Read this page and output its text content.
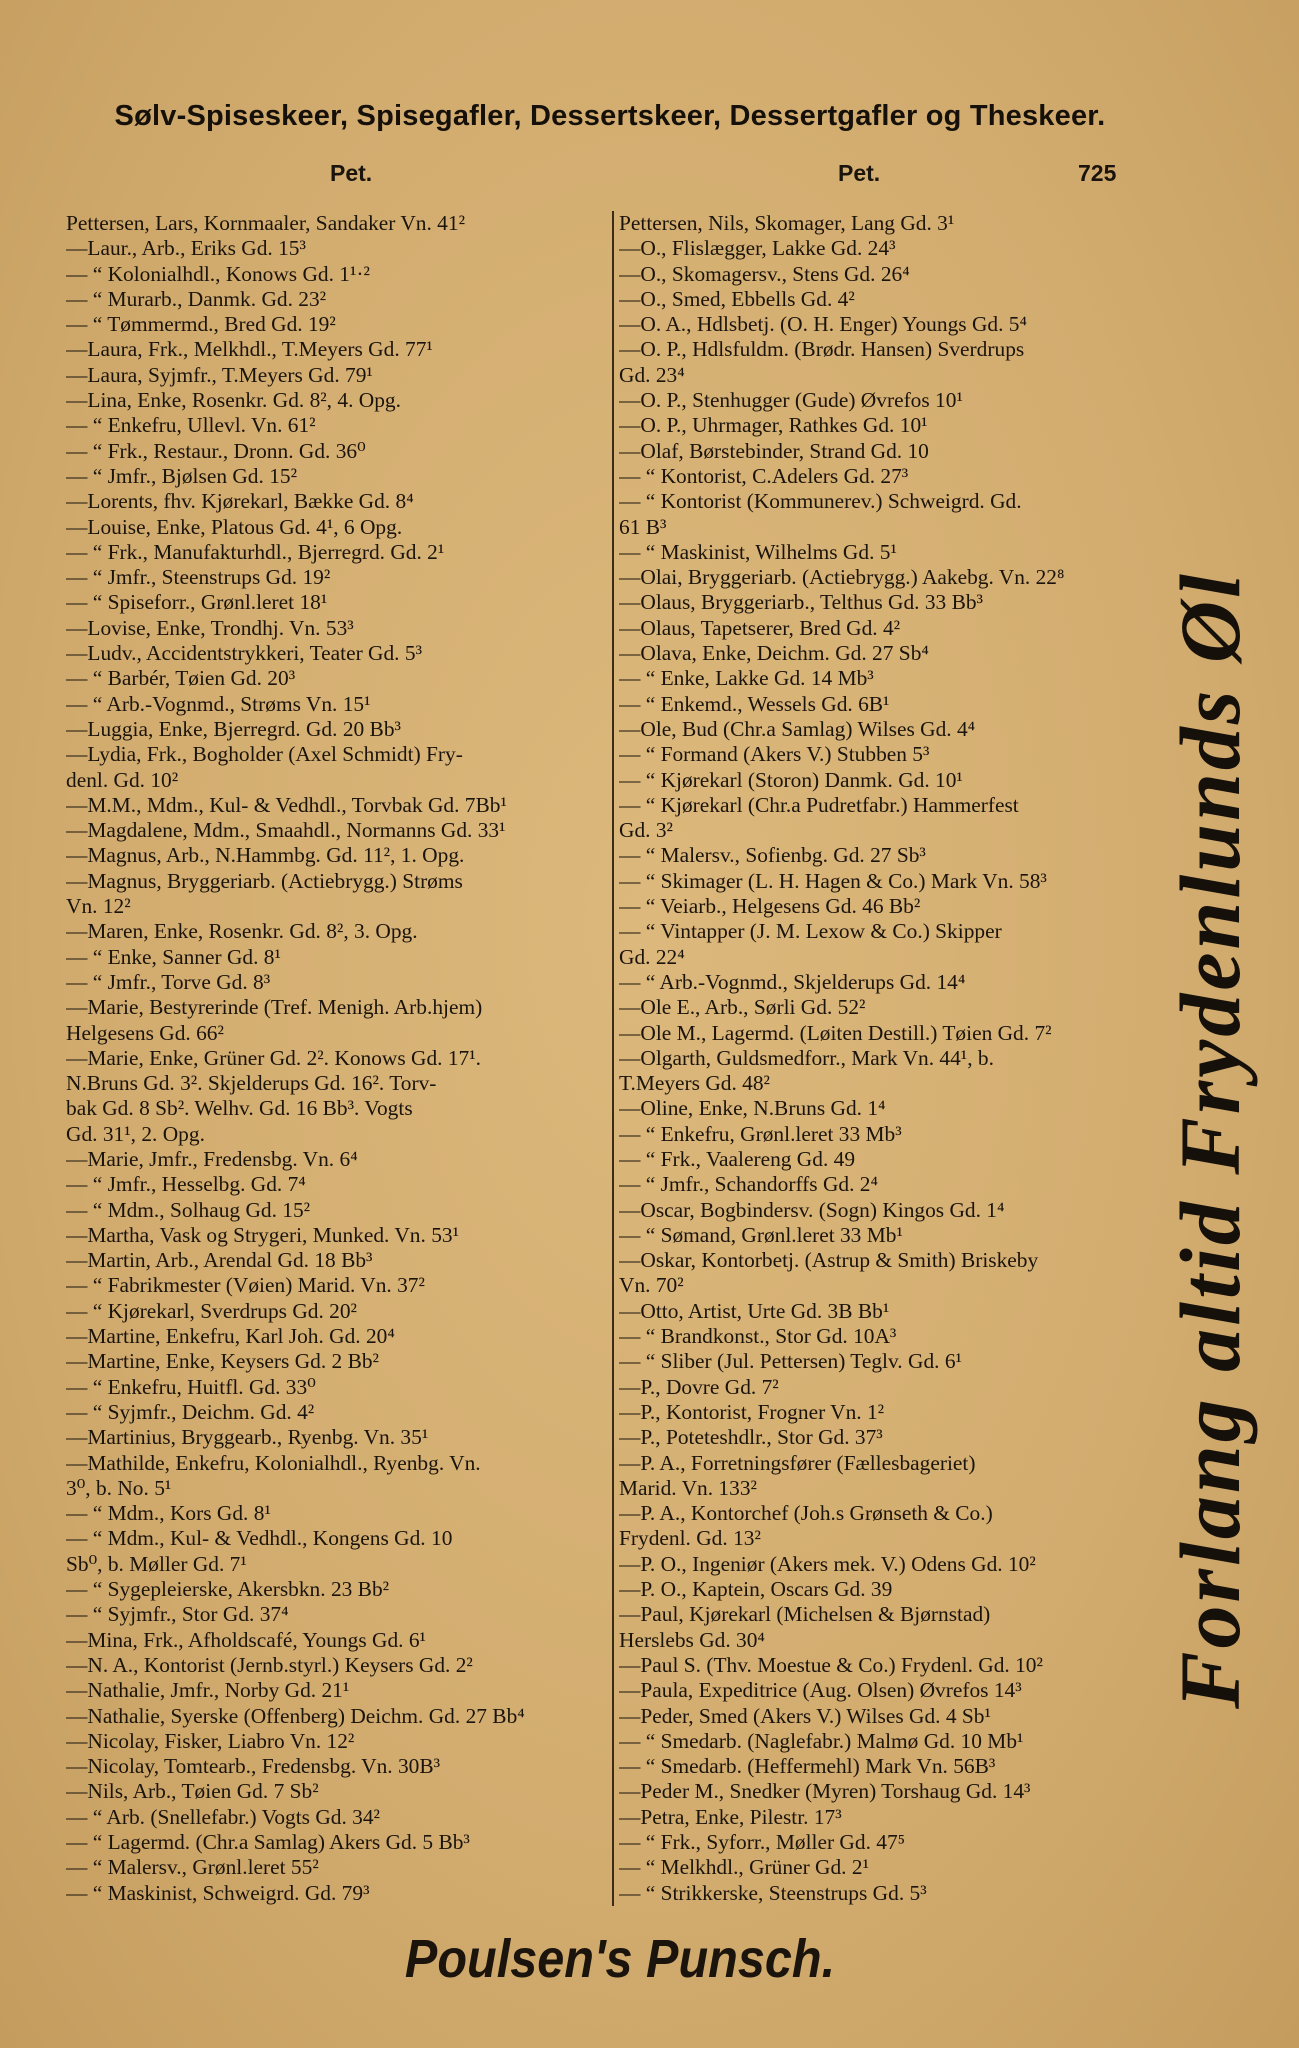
Sølv-Spiseskeer, Spisegafler, Dessertskeer, Dessertgafler og Theskeer.
Pet.	Pet.	725
Pettersen, Lars, Kornmaaler, Sandaker Vn. 41²
—Laur., Arb., Eriks Gd. 15³
— “ Kolonialhdl., Konows Gd. 1¹·²
— “ Murarb., Danmk. Gd. 23²
— “ Tømmermd., Bred Gd. 19²
—Laura, Frk., Melkhdl., T.Meyers Gd. 77¹
—Laura, Syjmfr., T.Meyers Gd. 79¹
—Lina, Enke, Rosenkr. Gd. 8², 4. Opg.
— “ Enkefru, Ullevl. Vn. 61²
— “ Frk., Restaur., Dronn. Gd. 36⁰
— “ Jmfr., Bjølsen Gd. 15²
—Lorents, fhv. Kjørekarl, Bække Gd. 8⁴
—Louise, Enke, Platous Gd. 4¹, 6 Opg.
— “ Frk., Manufakturhdl., Bjerregrd. Gd. 2¹
— “ Jmfr., Steenstrups Gd. 19²
— “ Spiseforr., Grønl.leret 18¹
—Lovise, Enke, Trondhj. Vn. 53³
—Ludv., Accidentstrykkeri, Teater Gd. 5³
— “ Barbér, Tøien Gd. 20³
— “ Arb.-Vognmd., Strøms Vn. 15¹
—Luggia, Enke, Bjerregrd. Gd. 20 Bb³
—Lydia, Frk., Bogholder (Axel Schmidt) Fry-
denl. Gd. 10²
—M.M., Mdm., Kul- & Vedhdl., Torvbak Gd. 7Bb¹
—Magdalene, Mdm., Smaahdl., Normanns Gd. 33¹
—Magnus, Arb., N.Hammbg. Gd. 11², 1. Opg.
—Magnus, Bryggeriarb. (Actiebrygg.) Strøms
Vn. 12²
—Maren, Enke, Rosenkr. Gd. 8², 3. Opg.
— “ Enke, Sanner Gd. 8¹
— “ Jmfr., Torve Gd. 8³
—Marie, Bestyrerinde (Tref. Menigh. Arb.hjem)
Helgesens Gd. 66²
—Marie, Enke, Grüner Gd. 2². Konows Gd. 17¹.
N.Bruns Gd. 3². Skjelderups Gd. 16². Torv-
bak Gd. 8 Sb². Welhv. Gd. 16 Bb³. Vogts
Gd. 31¹, 2. Opg.
—Marie, Jmfr., Fredensbg. Vn. 6⁴
— “ Jmfr., Hesselbg. Gd. 7⁴
— “ Mdm., Solhaug Gd. 15²
—Martha, Vask og Strygeri, Munked. Vn. 53¹
—Martin, Arb., Arendal Gd. 18 Bb³
— “ Fabrikmester (Vøien) Marid. Vn. 37²
— “ Kjørekarl, Sverdrups Gd. 20²
—Martine, Enkefru, Karl Joh. Gd. 20⁴
—Martine, Enke, Keysers Gd. 2 Bb²
— “ Enkefru, Huitfl. Gd. 33⁰
— “ Syjmfr., Deichm. Gd. 4²
—Martinius, Bryggearb., Ryenbg. Vn. 35¹
—Mathilde, Enkefru, Kolonialhdl., Ryenbg. Vn.
3⁰, b. No. 5¹
— “ Mdm., Kors Gd. 8¹
— “ Mdm., Kul- & Vedhdl., Kongens Gd. 10
Sb⁰, b. Møller Gd. 7¹
— “ Sygepleierske, Akersbkn. 23 Bb²
— “ Syjmfr., Stor Gd. 37⁴
—Mina, Frk., Afholdscafé, Youngs Gd. 6¹
—N. A., Kontorist (Jernb.styrl.) Keysers Gd. 2²
—Nathalie, Jmfr., Norby Gd. 21¹
—Nathalie, Syerske (Offenberg) Deichm. Gd. 27 Bb⁴
—Nicolay, Fisker, Liabro Vn. 12²
—Nicolay, Tomtearb., Fredensbg. Vn. 30B³
—Nils, Arb., Tøien Gd. 7 Sb²
— “ Arb. (Snellefabr.) Vogts Gd. 34²
— “ Lagermd. (Chr.a Samlag) Akers Gd. 5 Bb³
— “ Malersv., Grønl.leret 55²
— “ Maskinist, Schweigrd. Gd. 79³
Pettersen, Nils, Skomager, Lang Gd. 3¹
—O., Flislægger, Lakke Gd. 24³
—O., Skomagersv., Stens Gd. 26⁴
—O., Smed, Ebbells Gd. 4²
—O. A., Hdlsbetj. (O. H. Enger) Youngs Gd. 5⁴
—O. P., Hdlsfuldm. (Brødr. Hansen) Sverdrups
Gd. 23⁴
—O. P., Stenhugger (Gude) Øvrefos 10¹
—O. P., Uhrmager, Rathkes Gd. 10¹
—Olaf, Børstebinder, Strand Gd. 10
— “ Kontorist, C.Adelers Gd. 27³
— “ Kontorist (Kommunerev.) Schweigrd. Gd.
61 B³
— “ Maskinist, Wilhelms Gd. 5¹
—Olai, Bryggeriarb. (Actiebrygg.) Aakebg. Vn. 22⁸
—Olaus, Bryggeriarb., Telthus Gd. 33 Bb³
—Olaus, Tapetserer, Bred Gd. 4²
—Olava, Enke, Deichm. Gd. 27 Sb⁴
— “ Enke, Lakke Gd. 14 Mb³
— “ Enkemd., Wessels Gd. 6B¹
—Ole, Bud (Chr.a Samlag) Wilses Gd. 4⁴
— “ Formand (Akers V.) Stubben 5³
— “ Kjørekarl (Storon) Danmk. Gd. 10¹
— “ Kjørekarl (Chr.a Pudretfabr.) Hammerfest
Gd. 3²
— “ Malersv., Sofienbg. Gd. 27 Sb³
— “ Skimager (L. H. Hagen & Co.) Mark Vn. 58³
— “ Veiarb., Helgesens Gd. 46 Bb²
— “ Vintapper (J. M. Lexow & Co.) Skipper
Gd. 22⁴
— “ Arb.-Vognmd., Skjelderups Gd. 14⁴
—Ole E., Arb., Sørli Gd. 52²
—Ole M., Lagermd. (Løiten Destill.) Tøien Gd. 7²
—Olgarth, Guldsmedforr., Mark Vn. 44¹, b.
T.Meyers Gd. 48²
—Oline, Enke, N.Bruns Gd. 1⁴
— “ Enkefru, Grønl.leret 33 Mb³
— “ Frk., Vaalereng Gd. 49
— “ Jmfr., Schandorffs Gd. 2⁴
—Oscar, Bogbindersv. (Sogn) Kingos Gd. 1⁴
— “ Sømand, Grønl.leret 33 Mb¹
—Oskar, Kontorbetj. (Astrup & Smith) Briskeby
Vn. 70²
—Otto, Artist, Urte Gd. 3B Bb¹
— “ Brandkonst., Stor Gd. 10A³
— “ Sliber (Jul. Pettersen) Teglv. Gd. 6¹
—P., Dovre Gd. 7²
—P., Kontorist, Frogner Vn. 1²
—P., Poteteshdlr., Stor Gd. 37³
—P. A., Forretningsfører (Fællesbageriet)
Marid. Vn. 133²
—P. A., Kontorchef (Joh.s Grønseth & Co.)
Frydenl. Gd. 13²
—P. O., Ingeniør (Akers mek. V.) Odens Gd. 10²
—P. O., Kaptein, Oscars Gd. 39
—Paul, Kjørekarl (Michelsen & Bjørnstad)
Herslebs Gd. 30⁴
—Paul S. (Thv. Moestue & Co.) Frydenl. Gd. 10²
—Paula, Expeditrice (Aug. Olsen) Øvrefos 14³
—Peder, Smed (Akers V.) Wilses Gd. 4 Sb¹
— “ Smedarb. (Naglefabr.) Malmø Gd. 10 Mb¹
— “ Smedarb. (Heffermehl) Mark Vn. 56B³
—Peder M., Snedker (Myren) Torshaug Gd. 14³
—Petra, Enke, Pilestr. 17³
— “ Frk., Syforr., Møller Gd. 47⁵
— “ Melkhdl., Grüner Gd. 2¹
— “ Strikkerske, Steenstrups Gd. 5³
Forlang altid Frydenlunds Øl
Poulsen's Punsch.
